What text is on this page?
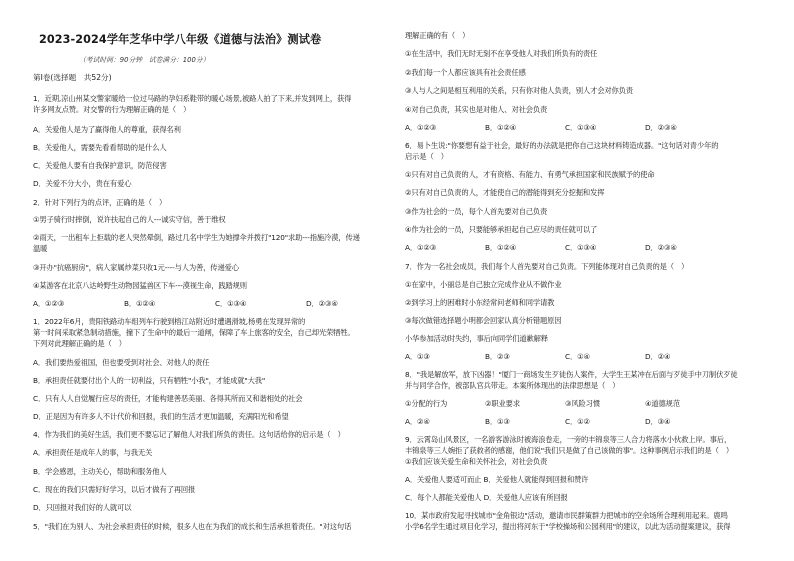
2023-2024学年芝华中学八年级《道德与法治》测试卷
（考试时间：90分钟　试卷满分：100分）
第Ⅰ卷(选择题　共52分)
1．近期,凉山州某交警家暖给一位过马路的孕妇系鞋带的暖心场景,被路人拍了下来,并发到网上，获得
许多网友点赞。对交警的行为理解正确的是（　）
A．关爱他人是为了赢得他人的尊重，获得名利
B．关爱他人，需要先看看帮助的是什么人
C．关爱他人要有自我保护意识，防范侵害
D．关爱不分大小，贵在有爱心
2．针对下列行为的点评，正确的是（　）
①男子骑行时摔倒，说许扶起自己的人---诚实守信，善于维权
②雨天，一出租车上拒载的老人突然晕倒，路过几名中学生为她撑伞并拨打"120"求助---指施冷漠，传递
温暖
③开办"抗癌厨房"，病人家属炒菜只收1元----与人为善，传递爱心
④某游客在北京八达岭野生动物园猛兽区下车---漠视生命，践踏规则
A．①②③	B．①②④	C．①③④	D．②③④
1．2022年6月，贵阳铁路动车组列车行驶到榕江站附近时遭遇滑坡,杨勇在发现异常的
第一时间采取紧急制动措施，撞下了生命中的最后一道闸，保障了车上旅客的安全，自己却光荣牺牲。
下列对此理解正确的是（　）
A．我们要热爱祖国，但也要受到对社会、对他人的责任
B．承担责任就要付出个人的一切利益，只有牺牲"小我"，才能成就"大我"
C．只有人人自觉履行应尽的责任，才能构建善恶美丽、各得其所而又和谐相处的社会
D．正是因为有许多人不计代价和回报，我们的生活才更加温暖，充满阳光和希望
4．作为我们的美好生活，我们更不要忘记了解他人对我们所负的责任。这句话给你的启示是（　）
A．承担责任是成年人的事，与我无关
B．学会感恩，主动关心，帮助和服务他人
C．现在的我们只需好好学习，以后才做有了再回报
D．只回报对我们好的人就可以
5．"我们在为别人、为社会承担责任的时候，很多人也在为我们的成长和生活承担着责任。"对这句话
理解正确的有（　）
①在生活中，我们无时无刻不在享受他人对我们所负有的责任
②我们每一个人都应该具有社会责任感
③人与人之间是相互利用的关系，只有你对他人负责，别人才会对你负责
④对自己负责，其实也是对他人、对社会负责
A．①②③	B．①②④	C．①③④	D．②③④
6．易卜生说:"你要想有益于社会，最好的办法就是把你自己这块材料铸造成器。"这句话对青少年的
启示是（　）
①只有对自己负责的人，才有资格、有能力、有勇气承担国家和民族赋予的使命
②只有对自己负责的人，才能使自己的潜能得到充分挖掘和发挥
③作为社会的一员，每个人首先要对自己负责
④作为社会的一员，只要能够承担起自己应尽的责任就可以了
A．①②③	B．①②④	C．①③④	D．②③④
7．作为一名社会成员，我们每个人首先要对自己负责。下列能体现对自己负责的是（　）
①在家中，小丽总是自己独立完成作业从不做作业
②到学习上的困难时小东经常问老师和同学请教
③每次做错选择题小明都会回家认真分析错题原因
小华参加活动时失约，事后向同学们道歉解释
A．①③	B．②③	C．①④	D．②④
8．"我是解放军，放下凶器！"厦门一商场发生歹徒伤人案件，大学生王某冲在后面与歹徒手中刀制伏歹徒
并与同学合作，被部队官兵带走。本案所体现出的法律思想是（　）
①分配的行为	②职业要求	③风险习惯	④道德规范
A．②④	B．①③	C．①②	D．③④
9．云霄岛山风景区，一名游客游泳时被海浪卷走，一旁的丰锦泉等三人合力将落水小伙救上岸。事后，
丰锦泉等三人婉拒了获救者的感谢，他们说"我们只是做了自己该做的事"。这种事例启示我们的是（　）
①我们应该关爱生命和关怀社会，对社会负责
A．关爱他人要适可而止 B．关爱他人就能得到回报和赞许
C．每个人都能关爱他人 D．关爱他人应该有所回报
10．某市政府发起寻找城市"金角银边"活动，邀请市民群策群力把城市的空余场所合理利用起来。鹿鸣
小学6名学生通过项目化学习，提出将河东于"学校操场和公园利用"的建议，以此为活动提案建议，获得
